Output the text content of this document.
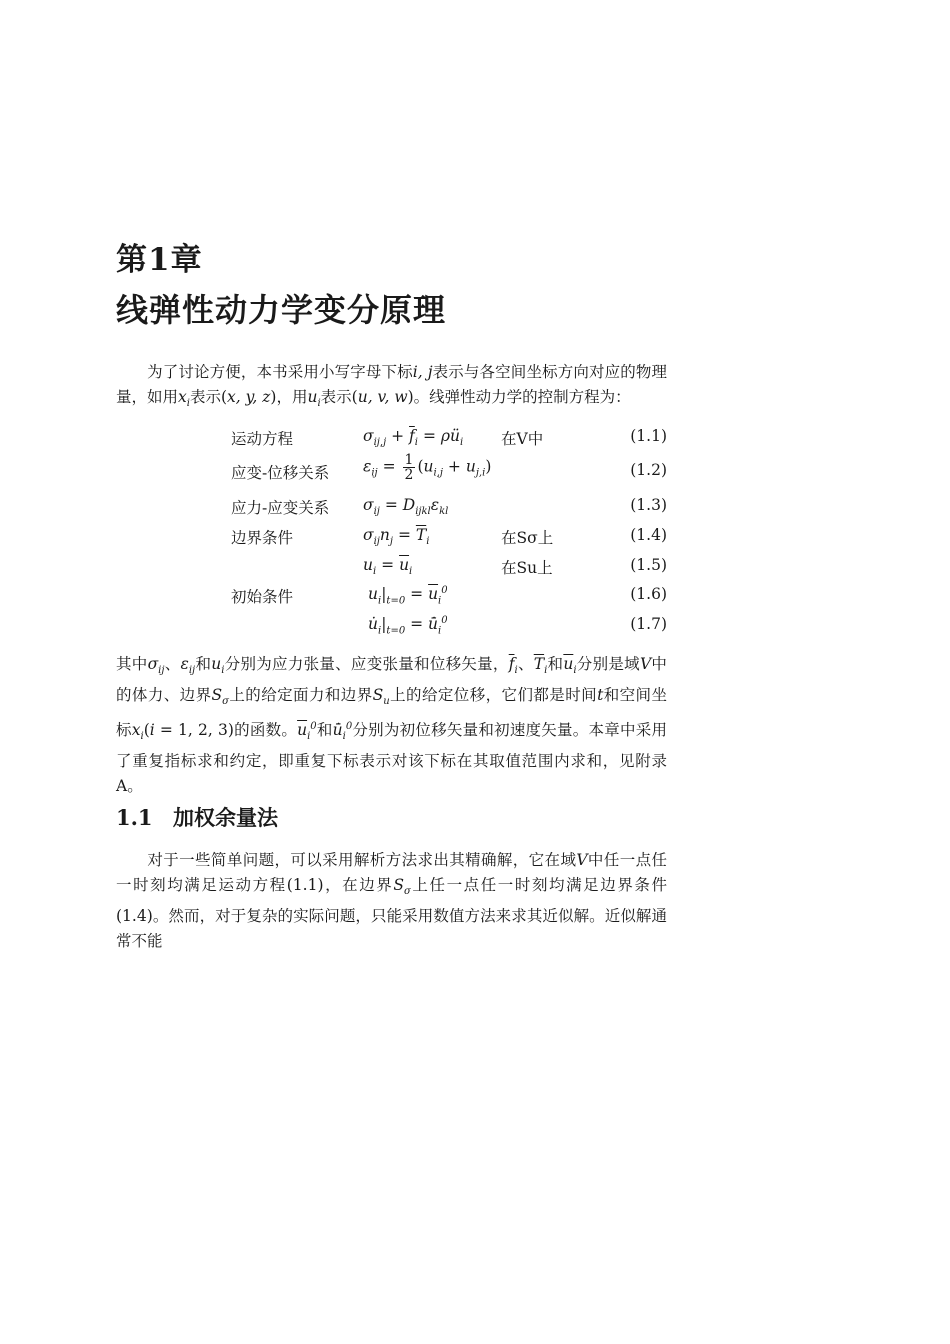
第1章
线弹性动力学变分原理
为了讨论方便，本书采用小写字母下标i, j表示与各空间坐标方向对应的物理量，如用$x_i$表示(x, y, z)，用$u_i$表示(u, v, w)。线弹性动力学的控制方程为：
运动方程	$\sigma_{ij,j} + \overline{f}_i$ = $\rho ü_i$ 在V中	(1.1)
应变-位移关系 $\varepsilon_{ij} = \frac{1}{2} (u_{i,j} + u_{j,i})$	(1.2)
应力-应变关系 $\sigma_{ij} = D_{ijkl}\varepsilon_{kl}$	(1.3)
边界条件	$\sigma_{ij}n_j = \overline{T}_i$	在Sσ上	(1.4)
$u_i = \overline{u}_i$	在Su上	(1.5)
初始条件	$u_i|_{t=0} = \overline{u}_i^0$	(1.6)
$u̇_i|_{t=0}$ = $u̇̄_i^0$	(1.7)
其中$\sigma_{ij}$、$\varepsilon_{ij}$和$u_i$分别为应力张量、应变张量和位移矢量，$\overline{f}_i$、$\overline{T}_i$和$\overline{u}_i$分别是域V中的体力、边界$S_\sigma$上的给定面力和边界$S_u$上的给定位移，它们都是时间t和空间坐标$x_i(i = 1$, 2, 3)的函数。$\overline{u}_i^0$和$u̇̄_i^0$分别为初位移矢量和初速度矢量。本章中采用了重复指标求和约定，即重复下标表示对该下标在其取值范围内求和，见附录A。
1.1 加权余量法
对于一些简单问题，可以采用解析方法求出其精确解，它在域V中任一点任一时刻均满足运动方程(1.1)，在边界$S_\sigma$上任一点任一时刻均满足边界条件(1.4)。然而，对于复杂的实际问题，只能采用数值方法来求其近似解。近似解通常不能
